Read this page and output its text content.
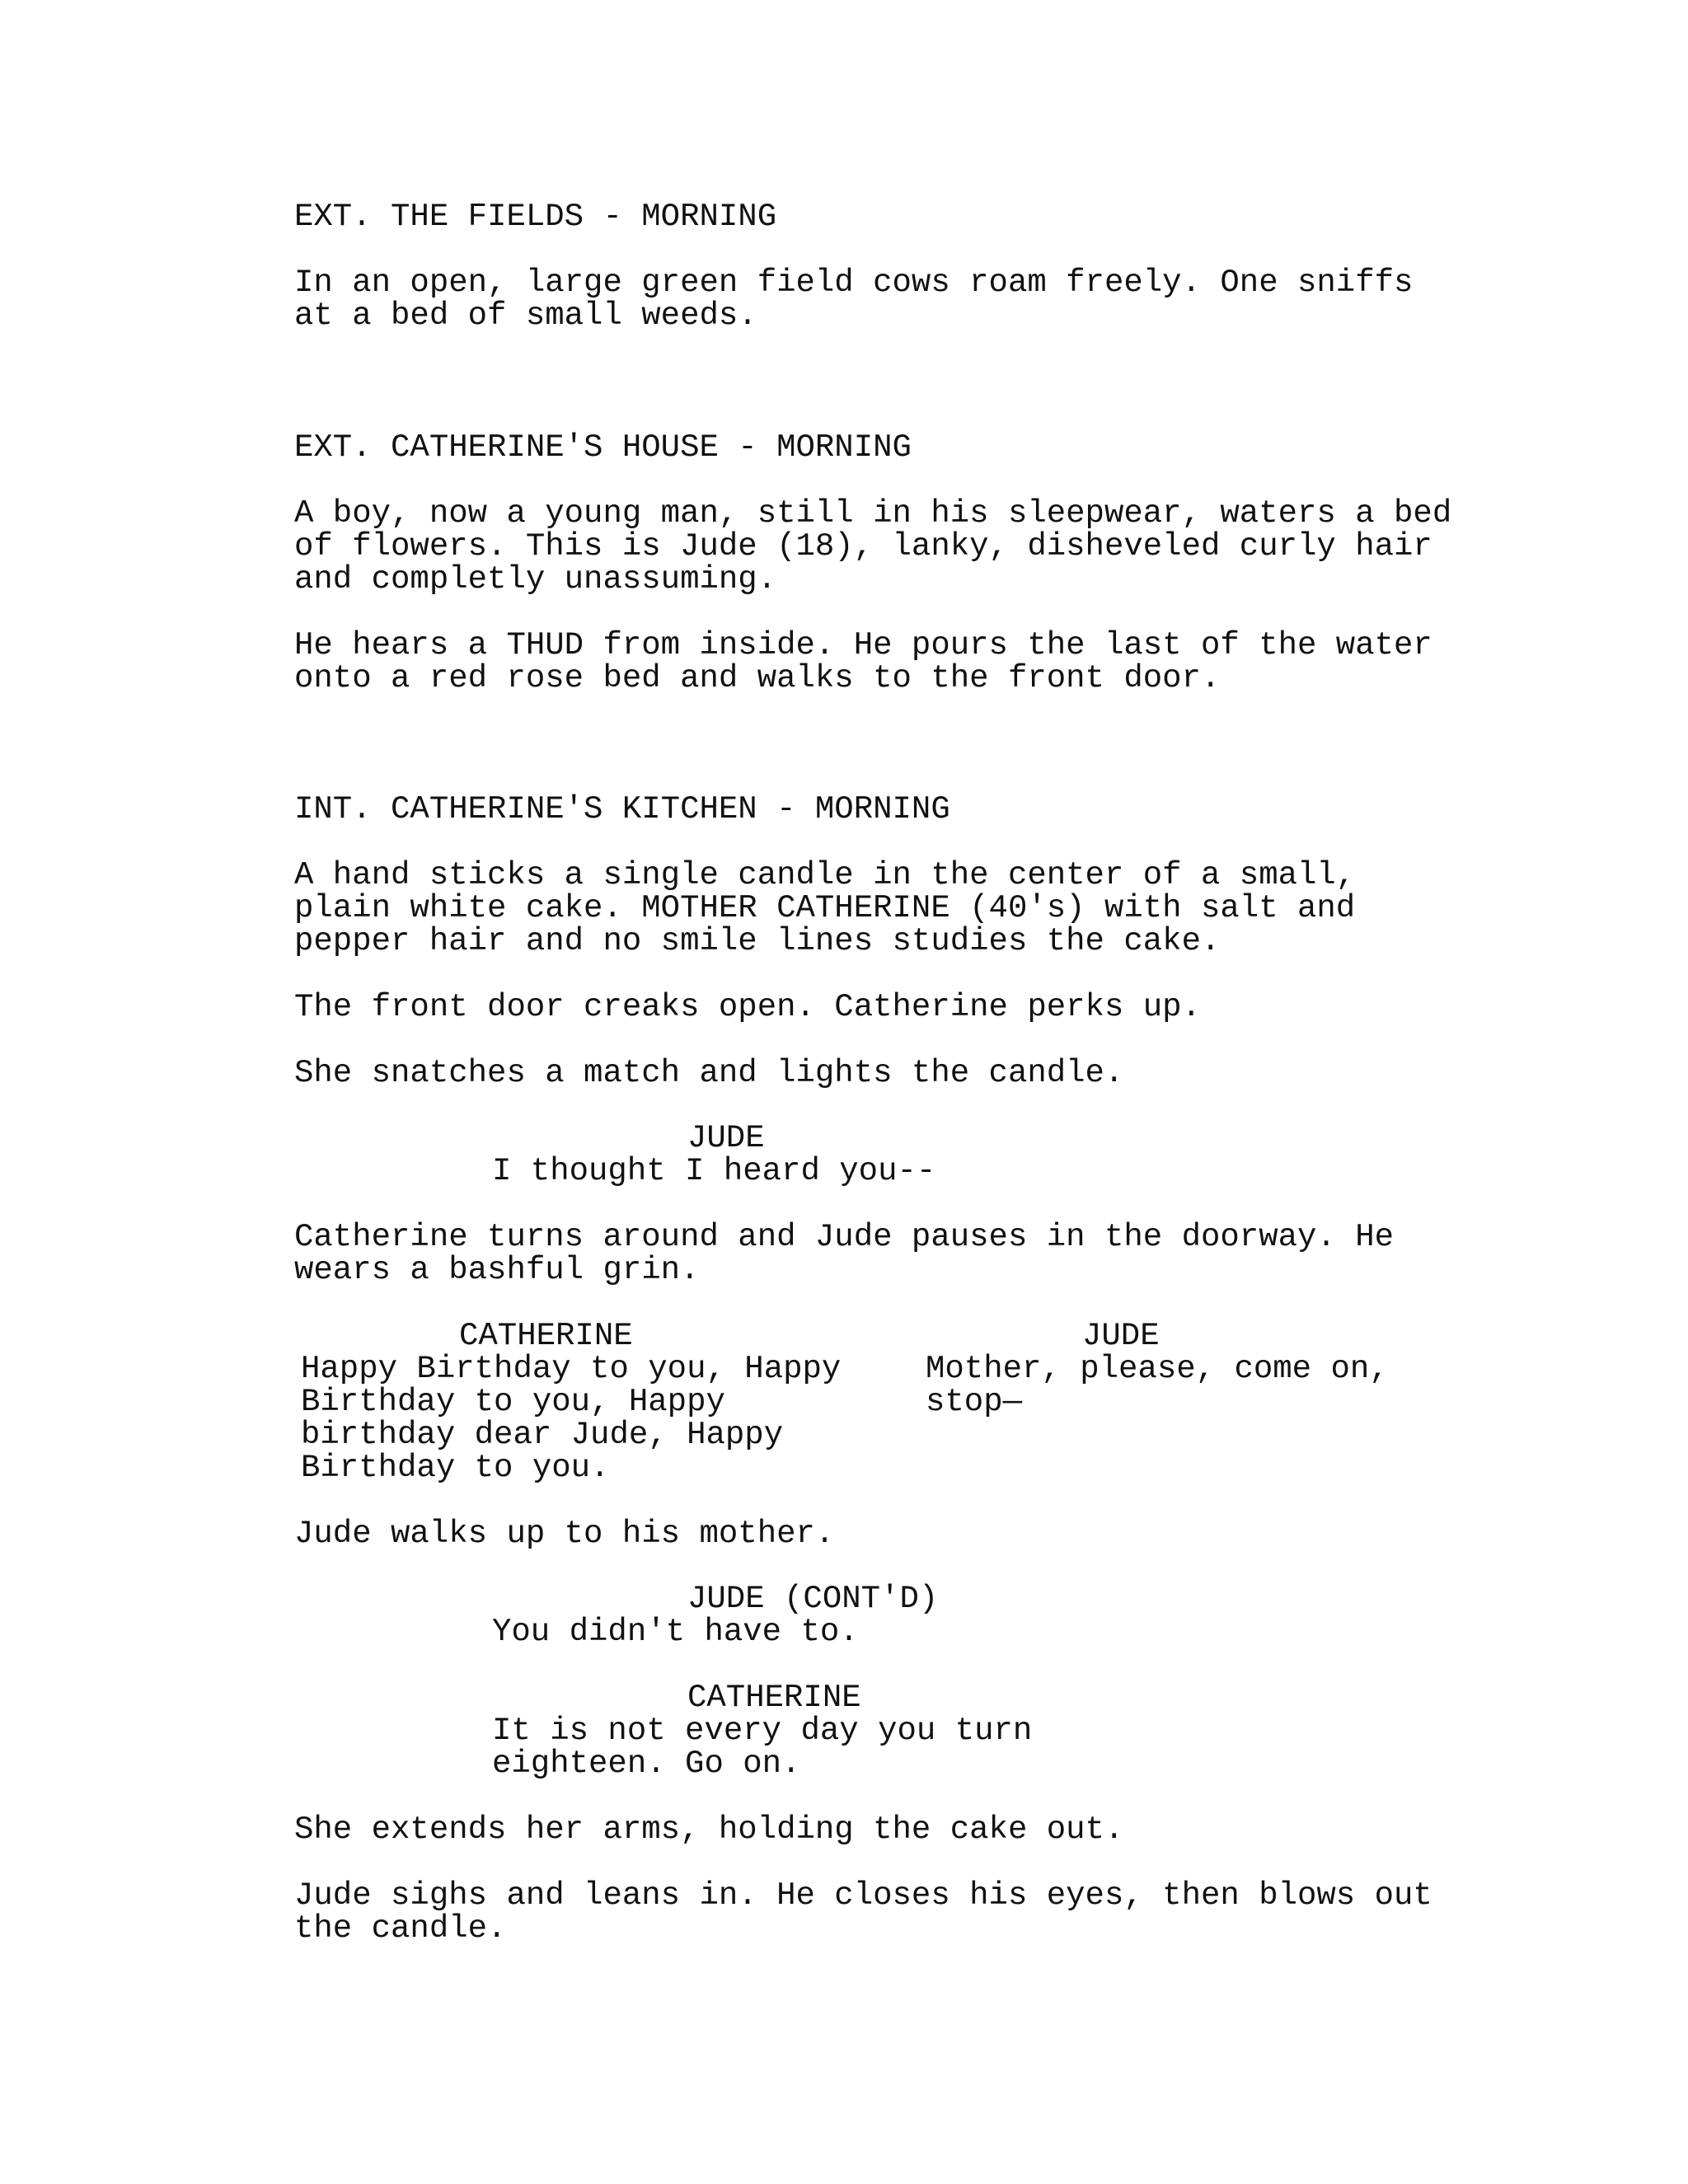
EXT. THE FIELDS - MORNING

In an open, large green field cows roam freely. One sniffs

at a bed of small weeds.

EXT. CATHERINE'S HOUSE - MORNING

A boy, now a young man, still in his sleepwear, waters a bed

of flowers. This is Jude (18), lanky, disheveled curly hair

and completly unassuming.

He hears a THUD from inside. He pours the last of the water

onto a red rose bed and walks to the front door.

INT. CATHERINE'S KITCHEN - MORNING

A hand sticks a single candle in the center of a small,

plain white cake. MOTHER CATHERINE (40's) with salt and

pepper hair and no smile lines studies the cake.

The front door creaks open. Catherine perks up.

She snatches a match and lights the candle.

JUDE

I thought I heard you--

Catherine turns around and Jude pauses in the doorway. He

wears a bashful grin.

CATHERINE

Happy Birthday to you, Happy

Birthday to you, Happy

birthday dear Jude, Happy

Birthday to you.

JUDE

Mother, please, come on,

stop—

Jude walks up to his mother.

JUDE (CONT'D)

You didn't have to.

CATHERINE

It is not every day you turn

eighteen. Go on.

She extends her arms, holding the cake out.

Jude sighs and leans in. He closes his eyes, then blows out

the candle.
